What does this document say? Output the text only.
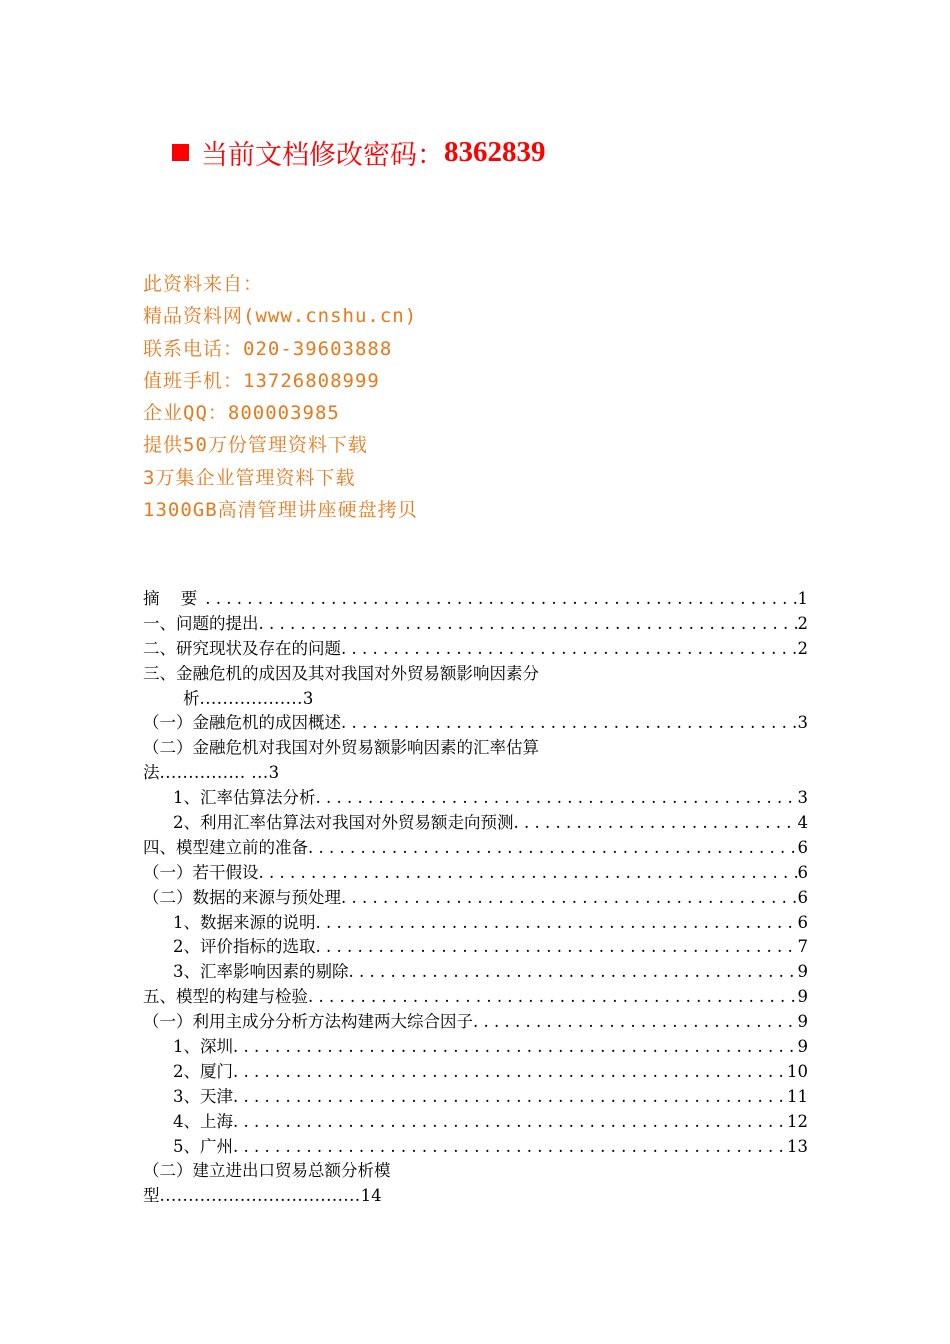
当前文档修改密码： 8362839
此资料来自：
精品资料网(www.cnshu.cn)
联系电话：020-39603888
值班手机：13726808999
企业QQ：800003985
提供50万份管理资料下载
3万集企业管理资料下载
1300GB高清管理讲座硬盘拷贝
摘 要 . . .	1
一、问题的提出 . . .	2
二、研究现状及存在的问题 . . .	2
三、金融危机的成因及其对我国对外贸易额影响因素分
析..................3
（一）金融危机的成因概述 . . .	3
（二）金融危机对我国对外贸易额影响因素的汇率估算
法............... ...3
1、汇率估算法分析 . . .	3
2、利用汇率估算法对我国对外贸易额走向预测 . . .	4
四、模型建立前的准备 . . .	6
（一）若干假设 . . .	6
（二）数据的来源与预处理 . . .	6
1、数据来源的说明 . . .	6
2、评价指标的选取 . . .	7
3、汇率影响因素的剔除 . . .	9
五、模型的构建与检验 . . .	9
（一）利用主成分分析方法构建两大综合因子 . . .	9
1、深圳 . . .	9
2、厦门 . . .	10
3、天津 . . .	11
4、上海 . . .	12
5、广州 . . .	13
（二）建立进出口贸易总额分析模
型...................................14
